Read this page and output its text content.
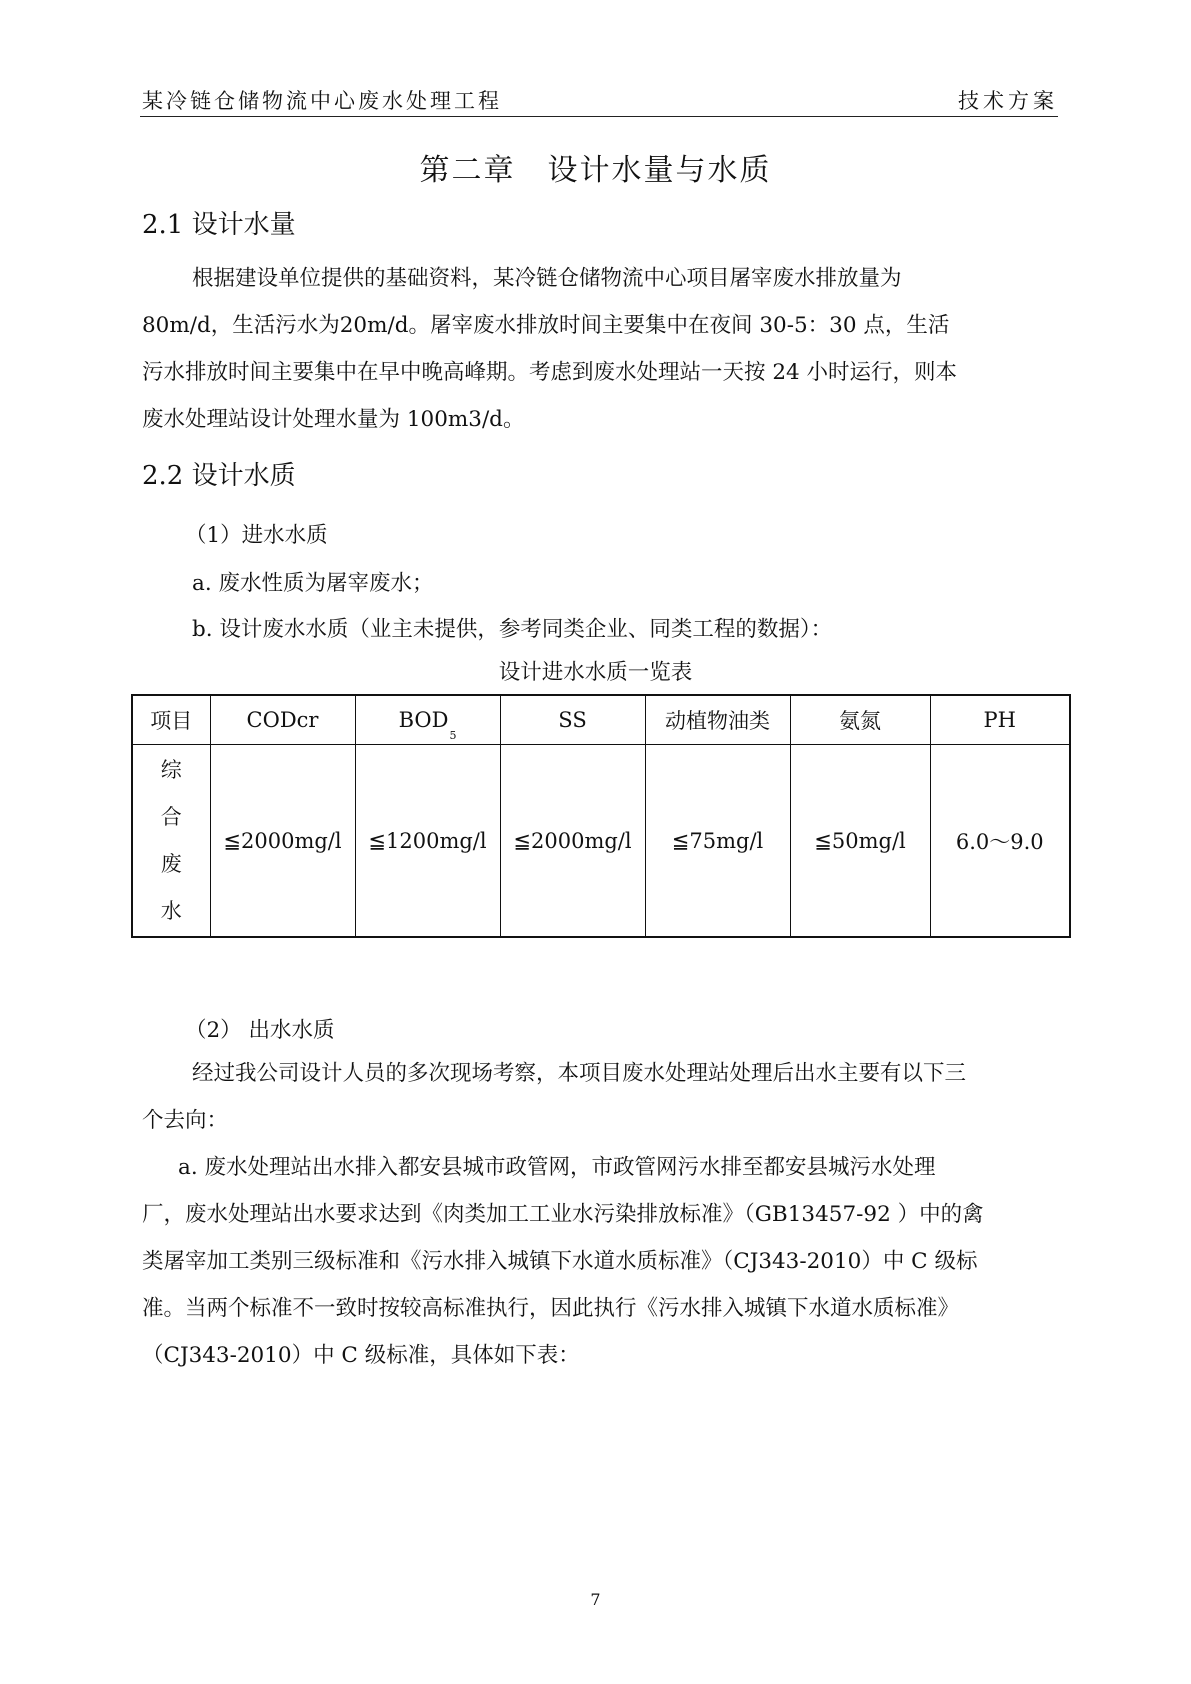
某冷链仓储物流中心废水处理工程	技术方案
第二章　设计水量与水质
2.1 设计水量
根据建设单位提供的基础资料，某冷链仓储物流中心项目屠宰废水排放量为
80m/d，生活污水为20m/d。屠宰废水排放时间主要集中在夜间 30-5：30 点，生活
污水排放时间主要集中在早中晚高峰期。考虑到废水处理站一天按 24 小时运行，则本
废水处理站设计处理水量为 100m3/d。
2.2 设计水质
（1）进水水质
a. 废水性质为屠宰废水；
b. 设计废水水质（业主未提供，参考同类企业、同类工程的数据）：
设计进水水质一览表
项目	CODcr	$BOD_5$	SS	动植物油类	氨氮	PH

综
合
废
水	≦2000mg/l	≦1200mg/l	≦2000mg/l	≦75mg/l	≦50mg/l	6.0～9.0
（2） 出水水质
经过我公司设计人员的多次现场考察，本项目废水处理站处理后出水主要有以下三
个去向：
a. 废水处理站出水排入都安县城市政管网，市政管网污水排至都安县城污水处理
厂，废水处理站出水要求达到《肉类加工工业水污染排放标准》（GB13457-92 ）中的禽
类屠宰加工类别三级标准和《污水排入城镇下水道水质标准》（CJ343-2010）中 C 级标
准。当两个标准不一致时按较高标准执行，因此执行《污水排入城镇下水道水质标准》
（CJ343-2010）中 C 级标准，具体如下表：
7
